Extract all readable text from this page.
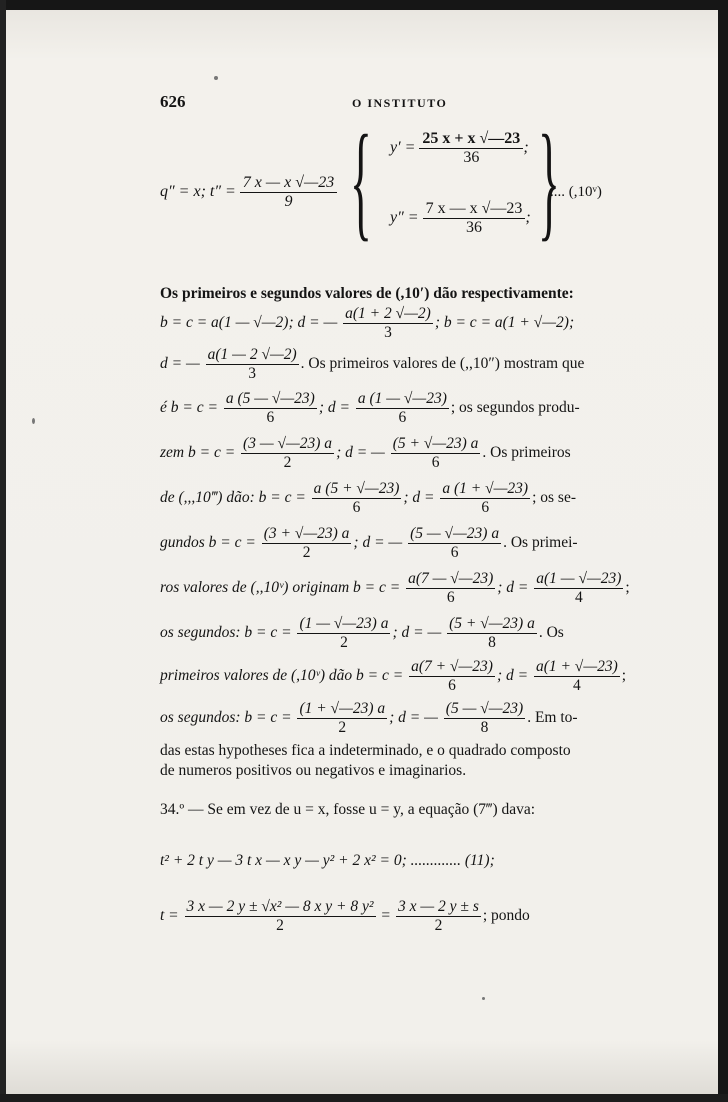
626	O INSTITUTO
q″ = x; $t'' = \frac{7 x — x √—23}{9}$ { $y' = \frac{25 x + x √—23}{36}$ ;
$y'' = \frac{7 x — x √—23}{36}$ ; }
.... (,10ᵛ)
Os primeiros e segundos valores de (,10′) dão respectivamente:
b = c = a(1 — √—2); d = — $\frac{a(1 + 2 √—2)}{3}$ ; b = c = a(1 + √—2);
d = — $\frac{a(1 — 2 √—2)}{3}$ . Os primeiros valores de (,,10″) mostram que
é $b = c = \frac{a (5 — √—23)}{6}$ ; $d = \frac{a (1 — √—23)}{6}$ ; os segundos produ-
zem $b = c = \frac{(3 — √—23) a}{2}$ ; d = — $\frac{(5 + √—23) a}{6}$ . Os primeiros
de (,,,10‴) dão: $b = c = \frac{a (5 + √—23)}{6}$ ; $d = \frac{a (1 + √—23)}{6}$ ; os se-
gundos $b = c = \frac{(3 + √—23) a}{2}$ ; d = — $\frac{(5 — √—23) a}{6}$ . Os primei-
ros valores de (,,10ᵛ) originam $b = c = \frac{a(7 — √—23)}{6}$ ; $d = \frac{a(1 — √—23)}{4}$ ;
os segundos: $b = c = \frac{(1 — √—23) a}{2}$ ; d = — $\frac{(5 + √—23) a}{8}$ . Os
primeiros valores de (,10ᵛ) dão $b = c = \frac{a(7 + √—23)}{6}$ ; $d = \frac{a(1 + √—23)}{4}$ ;
os segundos: $b = c = \frac{(1 + √—23) a}{2}$ ; d = — $\frac{(5 — √—23)}{8}$ . Em to-
das estas hypotheses fica a indeterminado, e o quadrado composto
de numeros positivos ou negativos e imaginarios.
34.º — Se em vez de u = x, fosse u = y, a equação (7‴) dava:
t² + 2 t y — 3 t x — x y — y² + 2 x² = 0; ............. (11);
$t = \frac{\text{3 x — 2 y ± √x² — 8 x y + 8 y²}}{2} = \frac{3 x — 2 y \pm s}{2}$ ; pondo
